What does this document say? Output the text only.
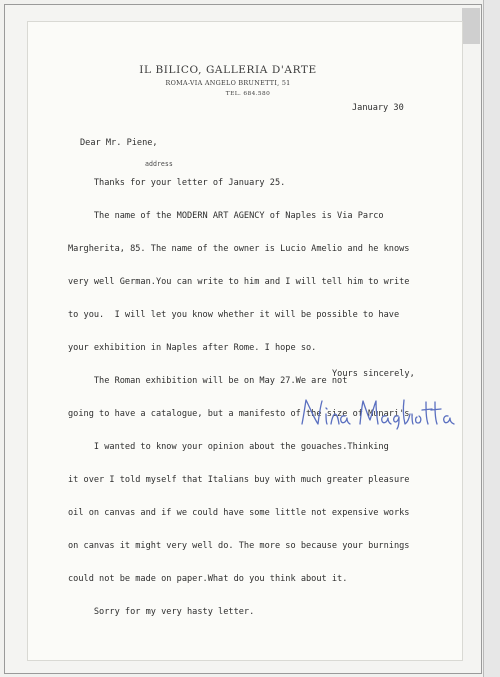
IL BILICO, GALLERIA D'ARTE
ROMA-VIA ANGELO BRUNETTI, 51
TEL. 684.580
January 30
Dear Mr. Piene,
address

Thanks for your letter of January 25.

The name of the MODERN ART AGENCY of Naples is Via Parco

Margherita, 85. The name of the owner is Lucio Amelio and he knows

very well German.You can write to him and I will tell him to write

to you.  I will let you know whether it will be possible to have

your exhibition in Naples after Rome. I hope so.

The Roman exhibition will be on May 27.We are not

going to have a catalogue, but a manifesto of the size of Munari's.

I wanted to know your opinion about the gouaches.Thinking

it over I told myself that Italians buy with much greater pleasure

oil on canvas and if we could have some little not expensive works

on canvas it might very well do. The more so because your burnings

could not be made on paper.What do you think about it.

Sorry for my very hasty letter.

Yours sincerely,
